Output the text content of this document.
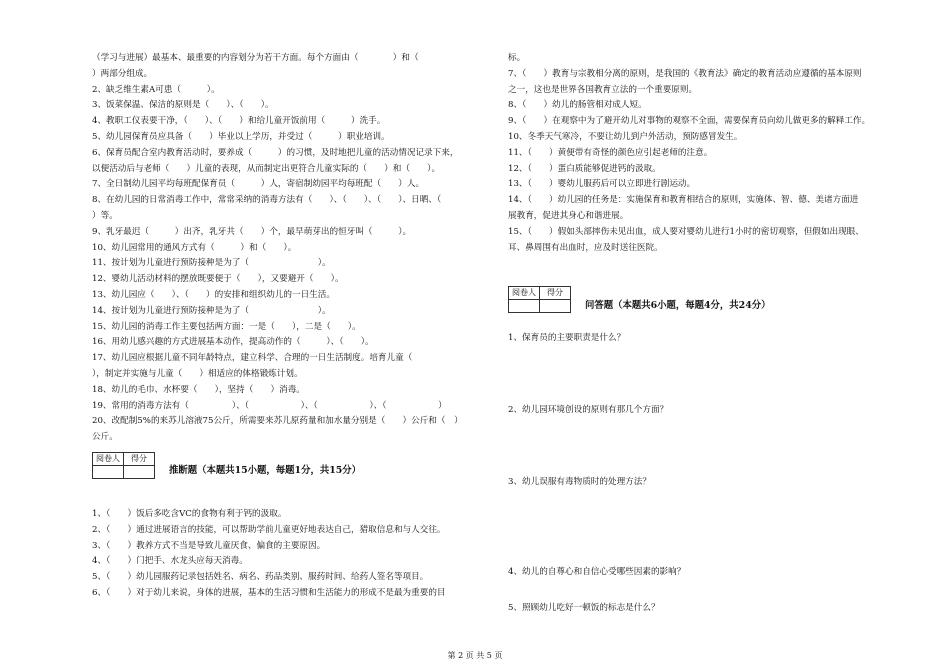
（学习与进展）最基本、最重要的内容划分为若干方面。每个方面由（　　　　）和（
）两部分组成。
2、缺乏维生素A可患（　　　）。
3、饭菜保温、保洁的原则是（　　）、（　　）。
4、教职工仪表要干净，（　　）、（　　）和给儿童开饭前用（　　　）洗手。
5、幼儿园保育员应具备（　　）毕业以上学历，并受过（　　　）职业培训。
6、保育员配合室内教育活动时，要养成（　　　）的习惯，及时地把儿童的活动情况记录下来，
以便活动后与老师（　　）儿童的表现，从而制定出更符合儿童实际的（　　）和（　　）。
7、全日制幼儿园平均每班配保育员（　　　）人，寄宿制幼园平均每班配（　　）人。
8、在幼儿园的日常消毒工作中，常常采纳的消毒方法有（　　）、（　　）、（　　）、日晒、（
）等。
9、乳牙最迟（　　　）出齐，乳牙共（　　）个，最早萌芽出的恒牙叫（　　　）。
10、幼儿园常用的通风方式有（　　　）和（　　）。
11、按计划为儿童进行预防接种是为了（　　　　　　　　）。
12、婴幼儿活动材料的摆放既要便于（　　），又要避开（　　）。
13、幼儿园应（　　）、（　　）的安排和组织幼儿的一日生活。
14、按计划为儿童进行预防接种是为了（　　　　　　　　）。
15、幼儿园的消毒工作主要包括两方面：一是（　　），二是（　　）。
16、用幼儿感兴趣的方式进展基本动作，提高动作的（　　　）、（　　）。
17、幼儿园应根据儿童不同年龄特点，建立科学、合理的一日生活制度。培育儿童（
），制定并实施与儿童（　　）相适应的体格锻炼计划。
18、幼儿的毛巾、水杯要（　　），坚持（　　）消毒。
19、常用的消毒方法有（　　　　　）、（　　　　　　）、（　　　　　　）、（　　　　　　）
20、改配制5%的来苏儿溶液75公斤，所需要来苏儿原药量和加水量分别是（　　）公斤和（　）
公斤。
阅卷人	得分

推断题（本题共15小题，每题1分，共15分）
1、（　　）饭后多吃含VC的食物有利于钙的汲取。
2、（　　）通过进展语言的技能，可以帮助学前儿童更好地表达自己，猎取信息和与人交往。
3、（　　）教养方式不当是导致儿童厌食、偏食的主要原因。
4、（　　）门把手、水龙头应每天消毒。
5、（　　）幼儿园服药记录包括姓名、病名、药品类别、服药时间、给药人签名等项目。
6、（　　）对于幼儿来说，身体的进展，基本的生活习惯和生活能力的形成不是最为重要的目
标。
7、（　　）教育与宗教相分离的原则，是我国的《教育法》确定的教育活动应遵循的基本原则
之一，这也是世界各国教育立法的一个重要原则。
8、（　　）幼儿的肠管相对成人短。
9、（　　）在观察中为了避开幼儿对事物的观察不全面，需要保育员向幼儿做更多的解释工作。
10、冬季天气寒冷，不要让幼儿到户外活动，预防感冒发生。
11、（　　）黄便带有奇怪的颜色应引起老师的注意。
12、（　　）蛋白质能够促进钙的汲取。
13、（　　）婴幼儿服药后可以立即进行剧运动。
14、（　　）幼儿园的任务是：实施保育和教育相结合的原则，实施体、智、德、美诸方面进
展教育，促进其身心和谐进展。
15、（　　）假如头部摔伤未见出血，成人要对婴幼儿进行1小时的密切观察，但假如出现眼、
耳、鼻周围有出血时，应及时送往医院。
阅卷人	得分

问答题（本题共6小题，每题4分，共24分）
1、保育员的主要职责是什么？
2、幼儿园环境创设的原则有那几个方面？
3、幼儿误服有毒物质时的处理方法？
4、幼儿的自尊心和自信心受哪些因素的影响？
5、照顾幼儿吃好一顿饭的标志是什么？
第 2 页 共 5 页
